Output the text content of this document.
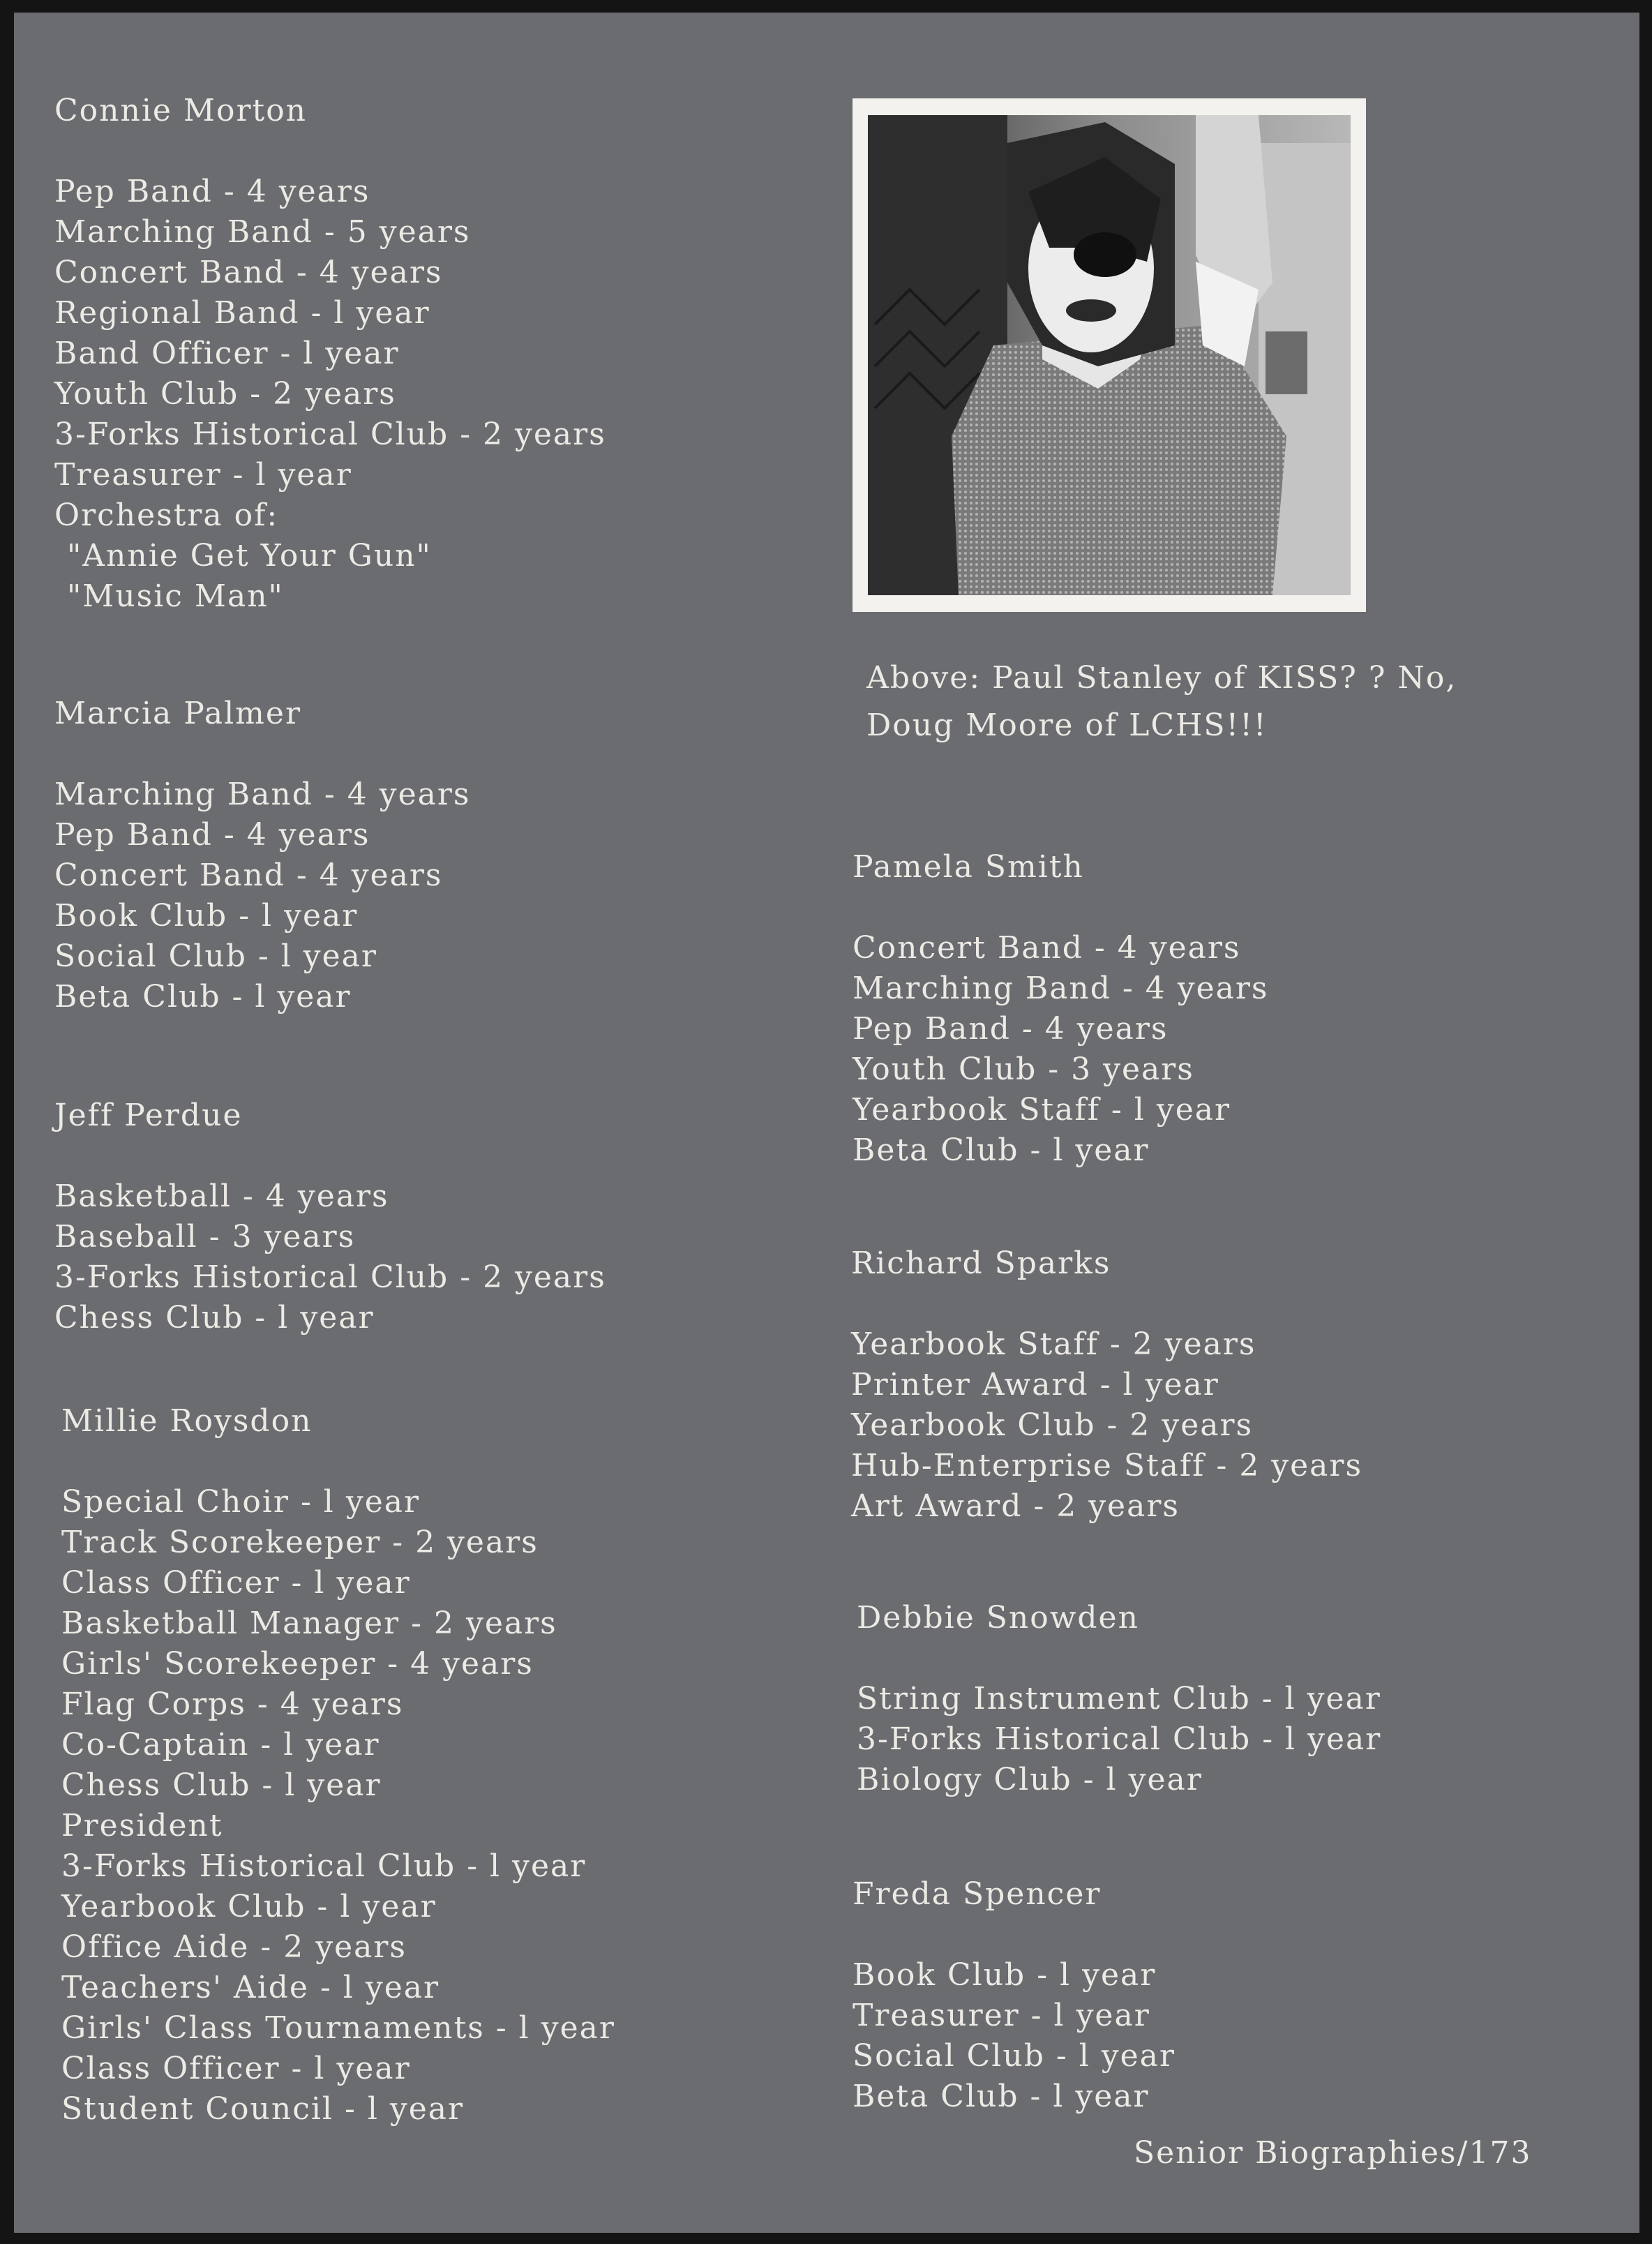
Connie Morton

Pep Band - 4 years

Marching Band - 5 years

Concert Band - 4 years

Regional Band - l year

Band Officer - l year

Youth Club - 2 years

3-Forks Historical Club - 2 years

Treasurer - l year

Orchestra of:

"Annie Get Your Gun"

"Music Man"

Marcia Palmer

Marching Band - 4 years

Pep Band - 4 years

Concert Band - 4 years

Book Club - l year

Social Club - l year

Beta Club - l year

Jeff Perdue

Basketball - 4 years

Baseball - 3 years

3-Forks Historical Club - 2 years

Chess Club - l year

Millie Roysdon

Special Choir - l year

Track Scorekeeper - 2 years

Class Officer - l year

Basketball Manager - 2 years

Girls' Scorekeeper - 4 years

Flag Corps - 4 years

Co-Captain - l year

Chess Club - l year

President

3-Forks Historical Club - l year

Yearbook Club - l year

Office Aide - 2 years

Teachers' Aide - l year

Girls' Class Tournaments - l year

Class Officer - l year

Student Council - l year

Above: Paul Stanley of KISS? ? No,

Doug Moore of LCHS!!!

Pamela Smith

Concert Band - 4 years

Marching Band - 4 years

Pep Band - 4 years

Youth Club - 3 years

Yearbook Staff - l year

Beta Club - l year

Richard Sparks

Yearbook Staff - 2 years

Printer Award - l year

Yearbook Club - 2 years

Hub-Enterprise Staff - 2 years

Art Award - 2 years

Debbie Snowden

String Instrument Club - l year

3-Forks Historical Club - l year

Biology Club - l year

Freda Spencer

Book Club - l year

Treasurer - l year

Social Club - l year

Beta Club - l year

Senior Biographies/173
